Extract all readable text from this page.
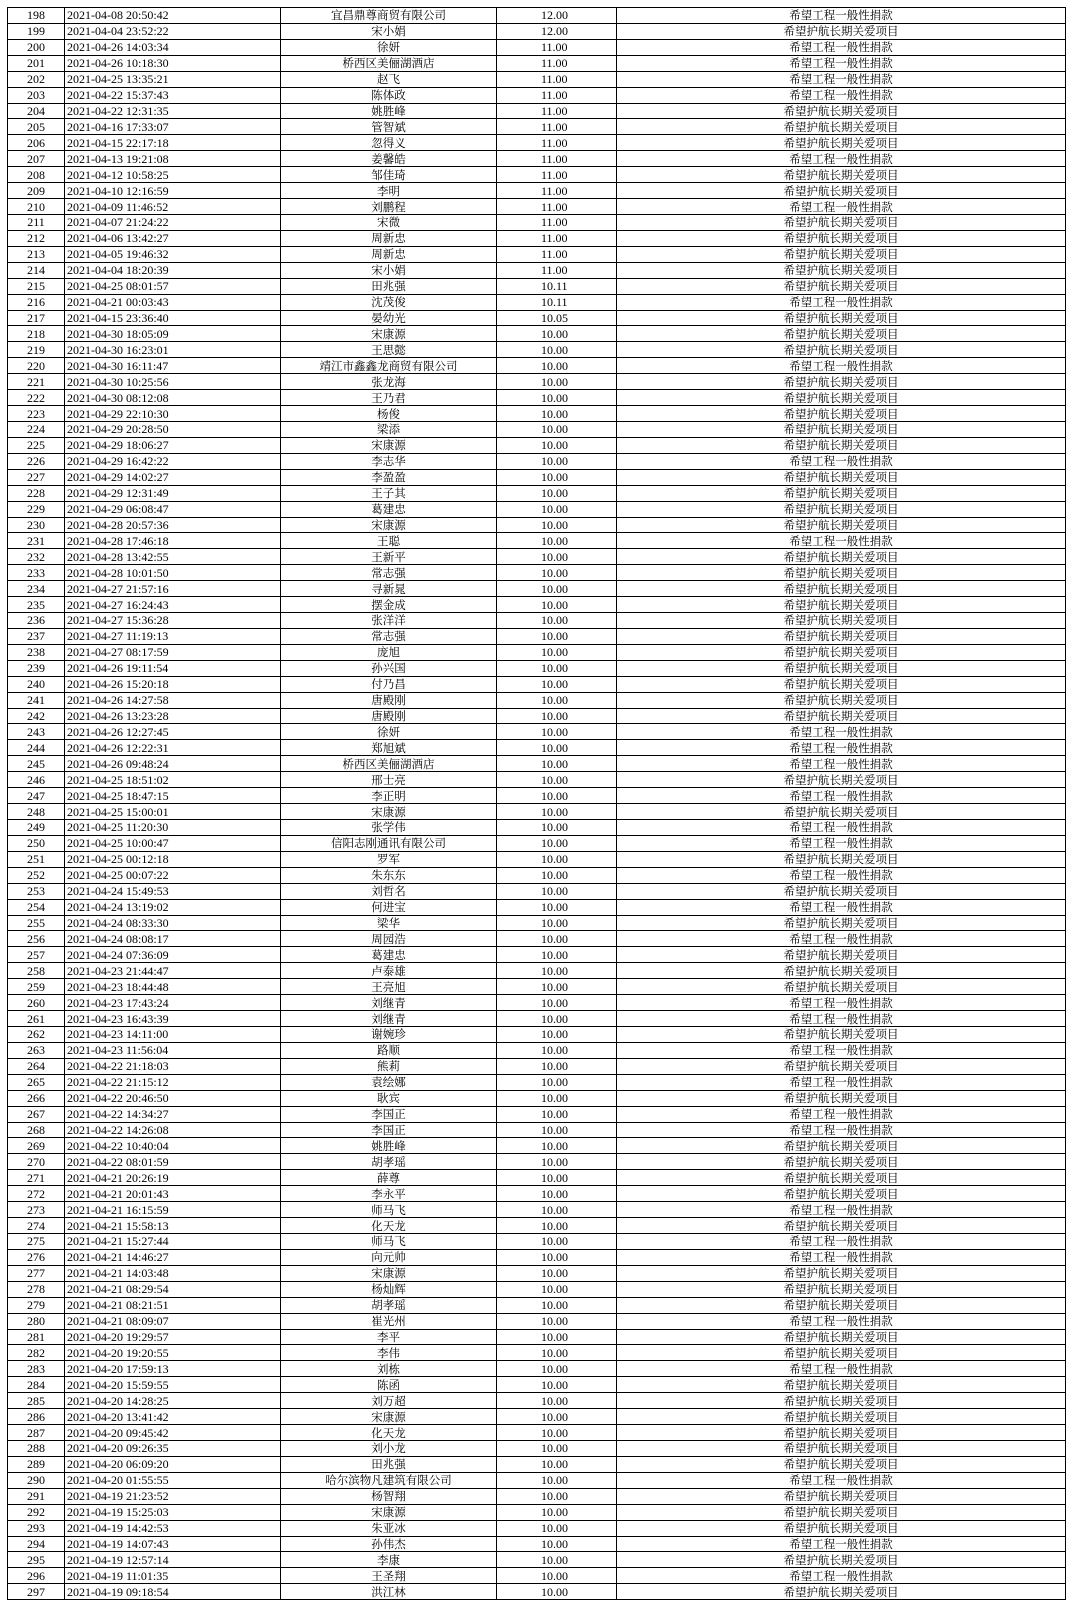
198	2021-04-08 20:50:42	宜昌鼎尊商贸有限公司	12.00	希望工程一般性捐款
199	2021-04-04 23:52:22	宋小娟	12.00	希望护航长期关爱项目
200	2021-04-26 14:03:34	徐妍	11.00	希望工程一般性捐款
201	2021-04-26 10:18:30	桥西区美俪湖酒店	11.00	希望工程一般性捐款
202	2021-04-25 13:35:21	赵飞	11.00	希望工程一般性捐款
203	2021-04-22 15:37:43	陈体政	11.00	希望工程一般性捐款
204	2021-04-22 12:31:35	姚胜峰	11.00	希望护航长期关爱项目
205	2021-04-16 17:33:07	管智斌	11.00	希望护航长期关爱项目
206	2021-04-15 22:17:18	忽得义	11.00	希望护航长期关爱项目
207	2021-04-13 19:21:08	姜馨皓	11.00	希望工程一般性捐款
208	2021-04-12 10:58:25	邹佳琦	11.00	希望护航长期关爱项目
209	2021-04-10 12:16:59	李明	11.00	希望护航长期关爱项目
210	2021-04-09 11:46:52	刘鹏程	11.00	希望工程一般性捐款
211	2021-04-07 21:24:22	宋微	11.00	希望护航长期关爱项目
212	2021-04-06 13:42:27	周新忠	11.00	希望护航长期关爱项目
213	2021-04-05 19:46:32	周新忠	11.00	希望护航长期关爱项目
214	2021-04-04 18:20:39	宋小娟	11.00	希望护航长期关爱项目
215	2021-04-25 08:01:57	田兆强	10.11	希望护航长期关爱项目
216	2021-04-21 00:03:43	沈茂俊	10.11	希望工程一般性捐款
217	2021-04-15 23:36:40	晏幼光	10.05	希望护航长期关爱项目
218	2021-04-30 18:05:09	宋康源	10.00	希望护航长期关爱项目
219	2021-04-30 16:23:01	王思懿	10.00	希望护航长期关爱项目
220	2021-04-30 16:11:47	靖江市鑫鑫龙商贸有限公司	10.00	希望工程一般性捐款
221	2021-04-30 10:25:56	张龙海	10.00	希望护航长期关爱项目
222	2021-04-30 08:12:08	王乃君	10.00	希望护航长期关爱项目
223	2021-04-29 22:10:30	杨俊	10.00	希望护航长期关爱项目
224	2021-04-29 20:28:50	梁添	10.00	希望护航长期关爱项目
225	2021-04-29 18:06:27	宋康源	10.00	希望护航长期关爱项目
226	2021-04-29 16:42:22	李志华	10.00	希望工程一般性捐款
227	2021-04-29 14:02:27	李盈盈	10.00	希望护航长期关爱项目
228	2021-04-29 12:31:49	王子其	10.00	希望护航长期关爱项目
229	2021-04-29 06:08:47	葛建忠	10.00	希望护航长期关爱项目
230	2021-04-28 20:57:36	宋康源	10.00	希望护航长期关爱项目
231	2021-04-28 17:46:18	王聪	10.00	希望工程一般性捐款
232	2021-04-28 13:42:55	王新平	10.00	希望护航长期关爱项目
233	2021-04-28 10:01:50	常志强	10.00	希望护航长期关爱项目
234	2021-04-27 21:57:16	寻新晁	10.00	希望护航长期关爱项目
235	2021-04-27 16:24:43	摆金成	10.00	希望护航长期关爱项目
236	2021-04-27 15:36:28	张洋洋	10.00	希望护航长期关爱项目
237	2021-04-27 11:19:13	常志强	10.00	希望护航长期关爱项目
238	2021-04-27 08:17:59	庞旭	10.00	希望护航长期关爱项目
239	2021-04-26 19:11:54	孙兴国	10.00	希望护航长期关爱项目
240	2021-04-26 15:20:18	付乃昌	10.00	希望护航长期关爱项目
241	2021-04-26 14:27:58	唐殿刚	10.00	希望护航长期关爱项目
242	2021-04-26 13:23:28	唐殿刚	10.00	希望护航长期关爱项目
243	2021-04-26 12:27:45	徐妍	10.00	希望工程一般性捐款
244	2021-04-26 12:22:31	郑旭斌	10.00	希望工程一般性捐款
245	2021-04-26 09:48:24	桥西区美俪湖酒店	10.00	希望工程一般性捐款
246	2021-04-25 18:51:02	邢士亮	10.00	希望护航长期关爱项目
247	2021-04-25 18:47:15	李正明	10.00	希望工程一般性捐款
248	2021-04-25 15:00:01	宋康源	10.00	希望护航长期关爱项目
249	2021-04-25 11:20:30	张学伟	10.00	希望工程一般性捐款
250	2021-04-25 10:00:47	信阳志刚通讯有限公司	10.00	希望工程一般性捐款
251	2021-04-25 00:12:18	罗军	10.00	希望护航长期关爱项目
252	2021-04-25 00:07:22	朱东东	10.00	希望工程一般性捐款
253	2021-04-24 15:49:53	刘哲名	10.00	希望护航长期关爱项目
254	2021-04-24 13:19:02	何进宝	10.00	希望工程一般性捐款
255	2021-04-24 08:33:30	梁华	10.00	希望护航长期关爱项目
256	2021-04-24 08:08:17	周园浩	10.00	希望工程一般性捐款
257	2021-04-24 07:36:09	葛建忠	10.00	希望护航长期关爱项目
258	2021-04-23 21:44:47	卢泰雄	10.00	希望护航长期关爱项目
259	2021-04-23 18:44:48	王亮旭	10.00	希望护航长期关爱项目
260	2021-04-23 17:43:24	刘继青	10.00	希望工程一般性捐款
261	2021-04-23 16:43:39	刘继青	10.00	希望工程一般性捐款
262	2021-04-23 14:11:00	谢婉珍	10.00	希望护航长期关爱项目
263	2021-04-23 11:56:04	路顺	10.00	希望工程一般性捐款
264	2021-04-22 21:18:03	熊莉	10.00	希望护航长期关爱项目
265	2021-04-22 21:15:12	袁绘娜	10.00	希望工程一般性捐款
266	2021-04-22 20:46:50	耿宾	10.00	希望护航长期关爱项目
267	2021-04-22 14:34:27	李国正	10.00	希望工程一般性捐款
268	2021-04-22 14:26:08	李国正	10.00	希望工程一般性捐款
269	2021-04-22 10:40:04	姚胜峰	10.00	希望护航长期关爱项目
270	2021-04-22 08:01:59	胡孝瑶	10.00	希望护航长期关爱项目
271	2021-04-21 20:26:19	薛尊	10.00	希望护航长期关爱项目
272	2021-04-21 20:01:43	李永平	10.00	希望护航长期关爱项目
273	2021-04-21 16:15:59	师马飞	10.00	希望工程一般性捐款
274	2021-04-21 15:58:13	化天龙	10.00	希望护航长期关爱项目
275	2021-04-21 15:27:44	师马飞	10.00	希望工程一般性捐款
276	2021-04-21 14:46:27	向元帅	10.00	希望工程一般性捐款
277	2021-04-21 14:03:48	宋康源	10.00	希望护航长期关爱项目
278	2021-04-21 08:29:54	杨灿辉	10.00	希望护航长期关爱项目
279	2021-04-21 08:21:51	胡孝瑶	10.00	希望护航长期关爱项目
280	2021-04-21 08:09:07	崔光州	10.00	希望工程一般性捐款
281	2021-04-20 19:29:57	李平	10.00	希望护航长期关爱项目
282	2021-04-20 19:20:55	李伟	10.00	希望护航长期关爱项目
283	2021-04-20 17:59:13	刘栋	10.00	希望工程一般性捐款
284	2021-04-20 15:59:55	陈函	10.00	希望护航长期关爱项目
285	2021-04-20 14:28:25	刘万超	10.00	希望护航长期关爱项目
286	2021-04-20 13:41:42	宋康源	10.00	希望护航长期关爱项目
287	2021-04-20 09:45:42	化天龙	10.00	希望护航长期关爱项目
288	2021-04-20 09:26:35	刘小龙	10.00	希望护航长期关爱项目
289	2021-04-20 06:09:20	田兆强	10.00	希望护航长期关爱项目
290	2021-04-20 01:55:55	哈尔滨物凡建筑有限公司	10.00	希望工程一般性捐款
291	2021-04-19 21:23:52	杨智翔	10.00	希望护航长期关爱项目
292	2021-04-19 15:25:03	宋康源	10.00	希望护航长期关爱项目
293	2021-04-19 14:42:53	朱亚冰	10.00	希望护航长期关爱项目
294	2021-04-19 14:07:43	孙伟杰	10.00	希望工程一般性捐款
295	2021-04-19 12:57:14	李康	10.00	希望护航长期关爱项目
296	2021-04-19 11:01:35	王圣翔	10.00	希望工程一般性捐款
297	2021-04-19 09:18:54	洪江林	10.00	希望护航长期关爱项目
